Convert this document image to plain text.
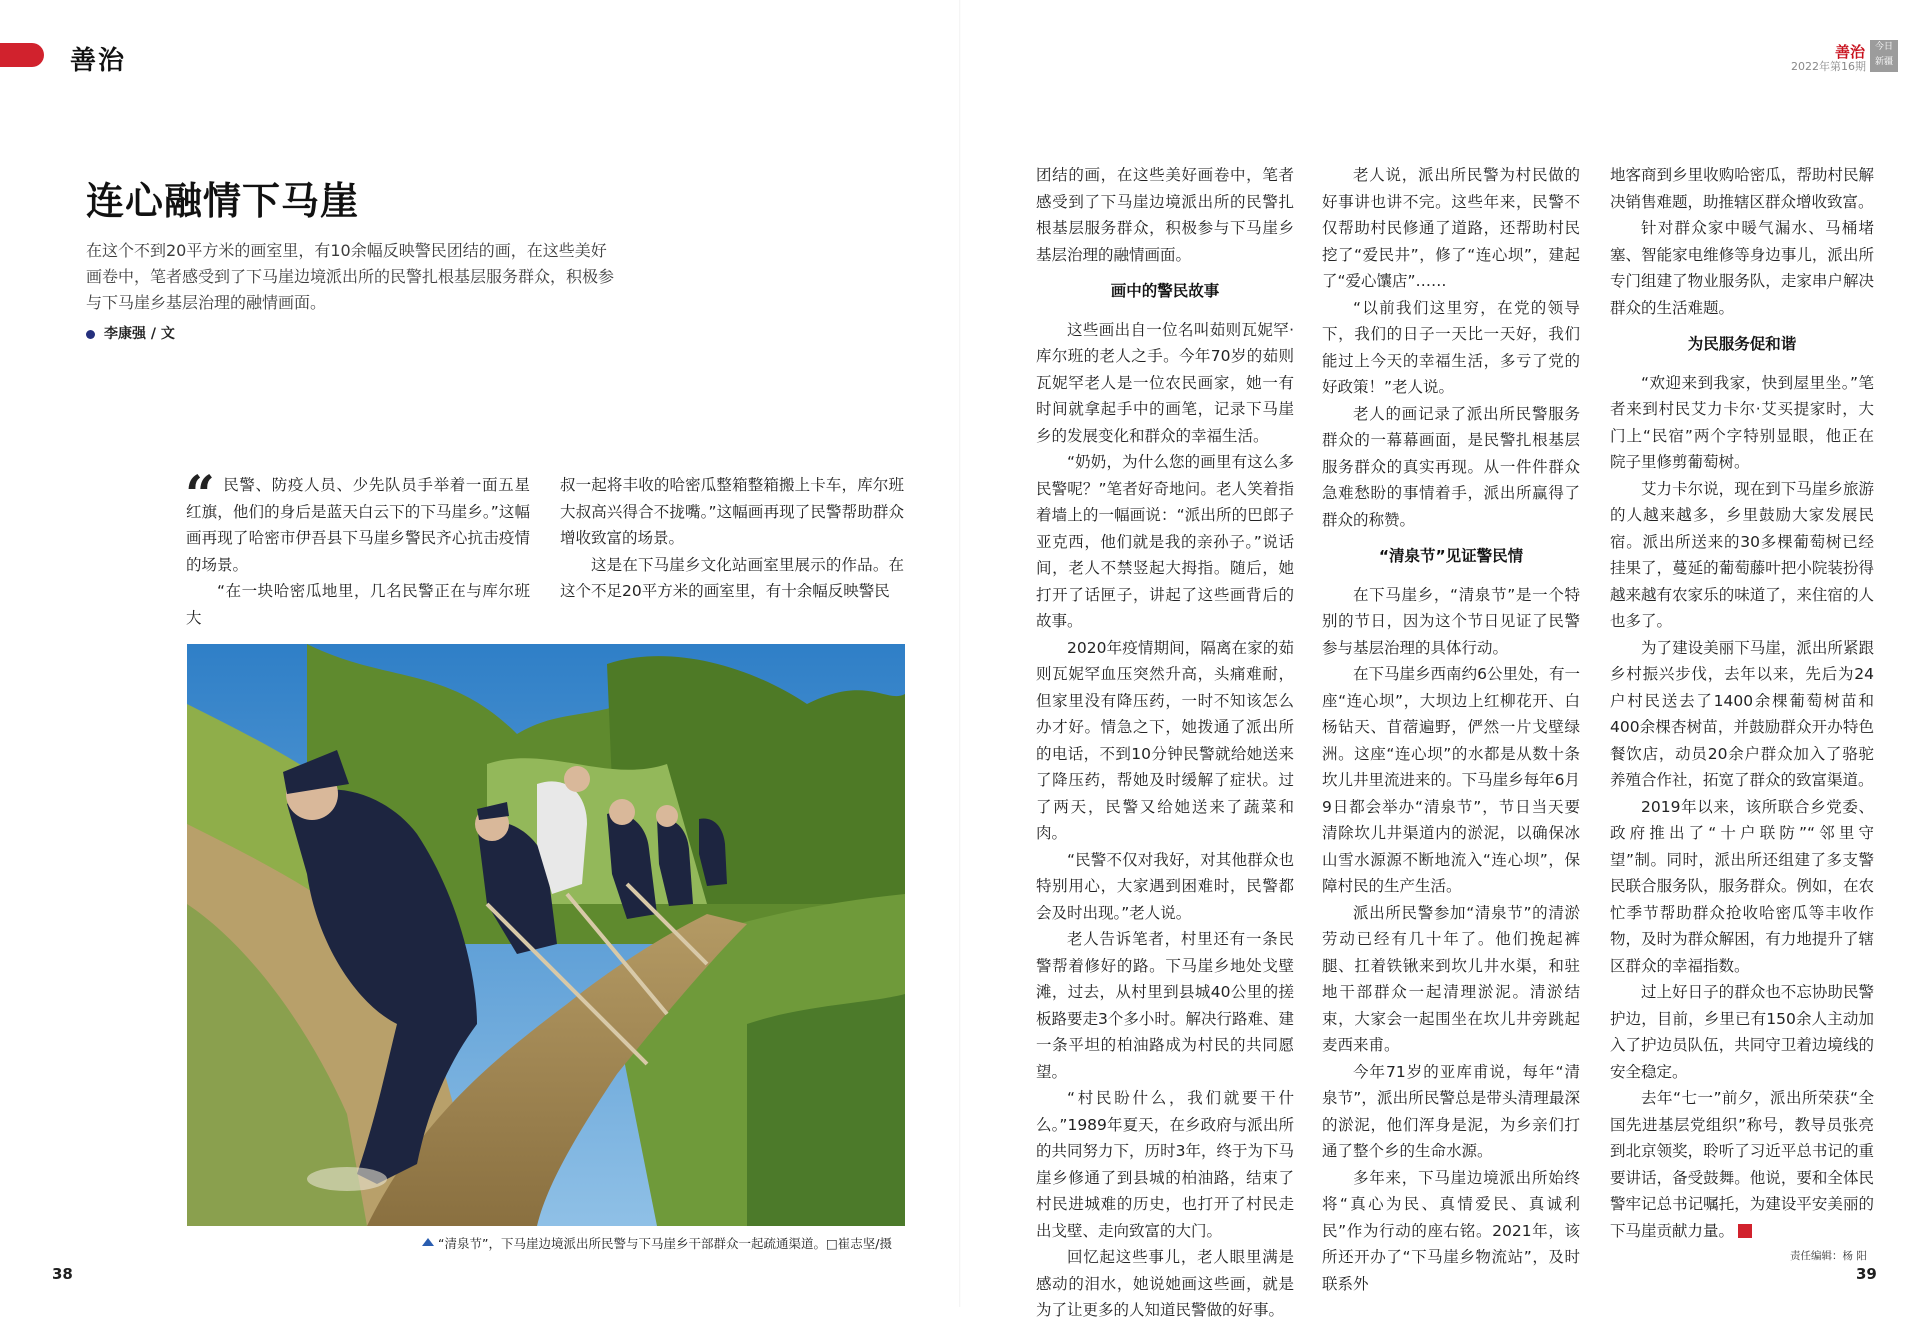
善治	善治
2022年第16期
今日
新疆
连心融情下马崖
在这个不到20平方米的画室里，有10余幅反映警民团结的画，在这些美好画卷中，笔者感受到了下马崖边境派出所的民警扎根基层服务群众，积极参与下马崖乡基层治理的融情画面。
李康强 / 文
“ 民警、防疫人员、少先队员手举着一面五星红旗，他们的身后是蓝天白云下的下马崖乡。”这幅画再现了哈密市伊吾县下马崖乡警民齐心抗击疫情的场景。

“在一块哈密瓜地里，几名民警正在与库尔班大

叔一起将丰收的哈密瓜整箱整箱搬上卡车，库尔班大叔高兴得合不拢嘴。”这幅画再现了民警帮助群众增收致富的场景。

这是在下马崖乡文化站画室里展示的作品。在这个不足20平方米的画室里，有十余幅反映警民

“清泉节”，下马崖边境派出所民警与下马崖乡干部群众一起疏通渠道。□崔志坚/摄

团结的画，在这些美好画卷中，笔者感受到了下马崖边境派出所的民警扎根基层服务群众，积极参与下马崖乡基层治理的融情画面。

画中的警民故事

这些画出自一位名叫茹则瓦妮罕·库尔班的老人之手。今年70岁的茹则瓦妮罕老人是一位农民画家，她一有时间就拿起手中的画笔，记录下马崖乡的发展变化和群众的幸福生活。

“奶奶，为什么您的画里有这么多民警呢？”笔者好奇地问。老人笑着指着墙上的一幅画说：“派出所的巴郎子亚克西，他们就是我的亲孙子。”说话间，老人不禁竖起大拇指。随后，她打开了话匣子，讲起了这些画背后的故事。

2020年疫情期间，隔离在家的茹则瓦妮罕血压突然升高，头痛难耐，但家里没有降压药，一时不知该怎么办才好。情急之下，她拨通了派出所的电话，不到10分钟民警就给她送来了降压药，帮她及时缓解了症状。过了两天，民警又给她送来了蔬菜和肉。

“民警不仅对我好，对其他群众也特别用心，大家遇到困难时，民警都会及时出现。”老人说。

老人告诉笔者，村里还有一条民警帮着修好的路。下马崖乡地处戈壁滩，过去，从村里到县城40公里的搓板路要走3个多小时。解决行路难、建一条平坦的柏油路成为村民的共同愿望。

“村民盼什么，我们就要干什么。”1989年夏天，在乡政府与派出所的共同努力下，历时3年，终于为下马崖乡修通了到县城的柏油路，结束了村民进城难的历史，也打开了村民走出戈壁、走向致富的大门。

回忆起这些事儿，老人眼里满是感动的泪水，她说她画这些画，就是为了让更多的人知道民警做的好事。

老人说，派出所民警为村民做的好事讲也讲不完。这些年来，民警不仅帮助村民修通了道路，还帮助村民挖了“爱民井”，修了“连心坝”，建起了“爱心馕店”……

“以前我们这里穷，在党的领导下，我们的日子一天比一天好，我们能过上今天的幸福生活，多亏了党的好政策！”老人说。

老人的画记录了派出所民警服务群众的一幕幕画面，是民警扎根基层服务群众的真实再现。从一件件群众急难愁盼的事情着手，派出所赢得了群众的称赞。

“清泉节”见证警民情

在下马崖乡，“清泉节”是一个特别的节日，因为这个节日见证了民警参与基层治理的具体行动。

在下马崖乡西南约6公里处，有一座“连心坝”，大坝边上红柳花开、白杨钻天、苜蓿遍野，俨然一片戈壁绿洲。这座“连心坝”的水都是从数十条坎儿井里流进来的。下马崖乡每年6月9日都会举办“清泉节”，节日当天要清除坎儿井渠道内的淤泥，以确保冰山雪水源源不断地流入“连心坝”，保障村民的生产生活。

派出所民警参加“清泉节”的清淤劳动已经有几十年了。他们挽起裤腿、扛着铁锹来到坎儿井水渠，和驻地干部群众一起清理淤泥。清淤结束，大家会一起围坐在坎儿井旁跳起麦西来甫。

今年71岁的亚库甫说，每年“清泉节”，派出所民警总是带头清理最深的淤泥，他们浑身是泥，为乡亲们打通了整个乡的生命水源。

多年来，下马崖边境派出所始终将“真心为民、真情爱民、真诚利民”作为行动的座右铭。2021年，该所还开办了“下马崖乡物流站”，及时联系外

地客商到乡里收购哈密瓜，帮助村民解决销售难题，助推辖区群众增收致富。

针对群众家中暖气漏水、马桶堵塞、智能家电维修等身边事儿，派出所专门组建了物业服务队，走家串户解决群众的生活难题。

为民服务促和谐

“欢迎来到我家，快到屋里坐。”笔者来到村民艾力卡尔·艾买提家时，大门上“民宿”两个字特别显眼，他正在院子里修剪葡萄树。

艾力卡尔说，现在到下马崖乡旅游的人越来越多，乡里鼓励大家发展民宿。派出所送来的30多棵葡萄树已经挂果了，蔓延的葡萄藤叶把小院装扮得越来越有农家乐的味道了，来住宿的人也多了。

为了建设美丽下马崖，派出所紧跟乡村振兴步伐，去年以来，先后为24户村民送去了1400余棵葡萄树苗和400余棵杏树苗，并鼓励群众开办特色餐饮店，动员20余户群众加入了骆驼养殖合作社，拓宽了群众的致富渠道。

2019年以来，该所联合乡党委、政府推出了“十户联防”“邻里守望”制。同时，派出所还组建了多支警民联合服务队，服务群众。例如，在农忙季节帮助群众抢收哈密瓜等丰收作物，及时为群众解困，有力地提升了辖区群众的幸福指数。

过上好日子的群众也不忘协助民警护边，目前，乡里已有150余人主动加入了护边员队伍，共同守卫着边境线的安全稳定。

去年“七一”前夕，派出所荣获“全国先进基层党组织”称号，教导员张亮到北京领奖，聆听了习近平总书记的重要讲话，备受鼓舞。他说，要和全体民警牢记总书记嘱托，为建设平安美丽的下马崖贡献力量。

38
责任编辑：杨 阳
39
